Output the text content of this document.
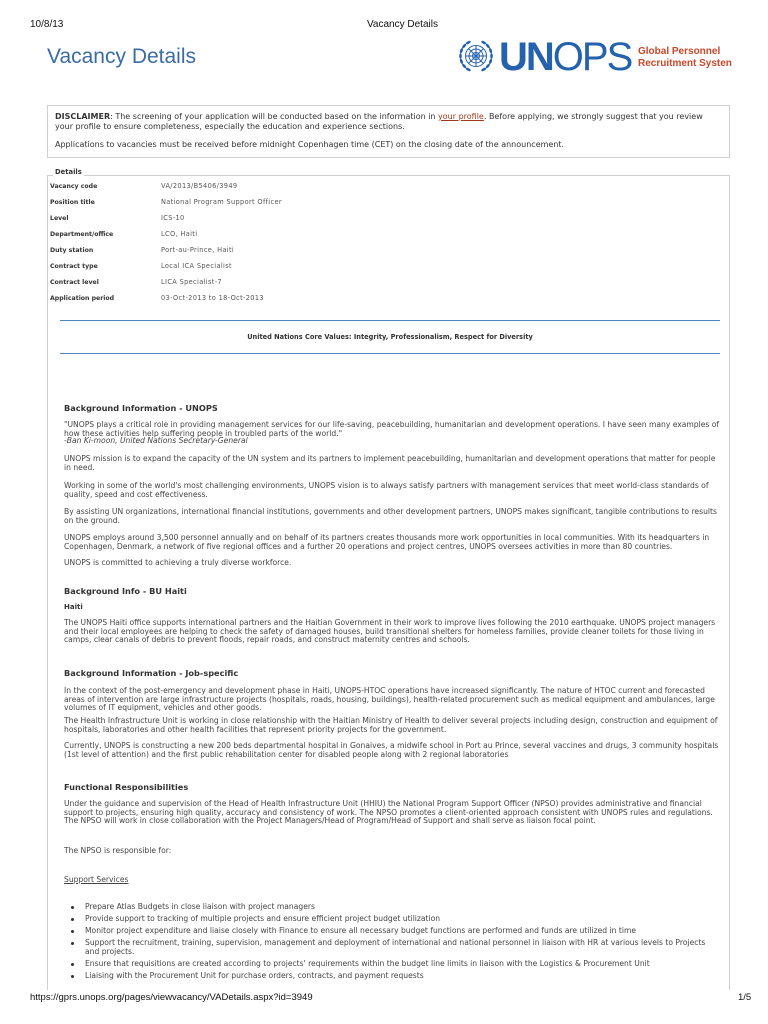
10/8/13	Vacancy Details
Vacancy Details	UNOPS Global Personnel
Recruitment Systen

DISCLAIMER: The screening of your application will be conducted based on the information in your profile. Before applying, we strongly suggest that you review your profile to ensure completeness, especially the education and experience sections.

Applications to vacancies must be received before midnight Copenhagen time (CET) on the closing date of the announcement.

Details
Vacancy code	VA/2013/B5406/3949
Position title	National Program Support Officer
Level	ICS-10
Department/office	LCO, Haiti
Duty station	Port-au-Prince, Haiti
Contract type	Local ICA Specialist
Contract level	LICA Specialist-7
Application period	03-Oct-2013 to 18-Oct-2013
United Nations Core Values: Integrity, Professionalism, Respect for Diversity
Background Information - UNOPS

"UNOPS plays a critical role in providing management services for our life-saving, peacebuilding, humanitarian and development operations. I have seen many examples of how these activities help suffering people in troubled parts of the world."

-Ban Ki-moon, United Nations Secretary-General

UNOPS mission is to expand the capacity of the UN system and its partners to implement peacebuilding, humanitarian and development operations that matter for people in need.

Working in some of the world's most challenging environments, UNOPS vision is to always satisfy partners with management services that meet world-class standards of quality, speed and cost effectiveness.

By assisting UN organizations, international financial institutions, governments and other development partners, UNOPS makes significant, tangible contributions to results on the ground.

UNOPS employs around 3,500 personnel annually and on behalf of its partners creates thousands more work opportunities in local communities. With its headquarters in Copenhagen, Denmark, a network of five regional offices and a further 20 operations and project centres, UNOPS oversees activities in more than 80 countries.

UNOPS is committed to achieving a truly diverse workforce.

Background Info - BU Haiti
Haiti

The UNOPS Haiti office supports international partners and the Haitian Government in their work to improve lives following the 2010 earthquake. UNOPS project managers and their local employees are helping to check the safety of damaged houses, build transitional shelters for homeless families, provide cleaner toilets for those living in camps, clear canals of debris to prevent floods, repair roads, and construct maternity centres and schools.

Background Information - Job-specific

In the context of the post-emergency and development phase in Haiti, UNOPS-HTOC operations have increased significantly. The nature of HTOC current and forecasted areas of intervention are large infrastructure projects (hospitals, roads, housing, buildings), health-related procurement such as medical equipment and ambulances, large volumes of IT equipment, vehicles and other goods.

The Health Infrastructure Unit is working in close relationship with the Haitian Ministry of Health to deliver several projects including design, construction and equipment of hospitals, laboratories and other health facilities that represent priority projects for the government.

Currently, UNOPS is constructing a new 200 beds departmental hospital in Gonaives, a midwife school in Port au Prince, several vaccines and drugs, 3 community hospitals (1st level of attention) and the first public rehabilitation center for disabled people along with 2 regional laboratories

Functional Responsibilities

Under the guidance and supervision of the Head of Health Infrastructure Unit (HHIU) the National Program Support Officer (NPSO) provides administrative and financial support to projects, ensuring high quality, accuracy and consistency of work. The NPSO promotes a client-oriented approach consistent with UNOPS rules and regulations. The NPSO will work in close collaboration with the Project Managers/Head of Program/Head of Support and shall serve as liaison focal point.

The NPSO is responsible for:

Support Services
Prepare Atlas Budgets in close liaison with project managers
Provide support to tracking of multiple projects and ensure efficient project budget utilization
Monitor project expenditure and liaise closely with Finance to ensure all necessary budget functions are performed and funds are utilized in time
Support the recruitment, training, supervision, management and deployment of international and national personnel in liaison with HR at various levels to Projects and projects.
Ensure that requisitions are created according to projects' requirements within the budget line limits in liaison with the Logistics & Procurement Unit
Liaising with the Procurement Unit for purchase orders, contracts, and payment requests
https://gprs.unops.org/pages/viewvacancy/VADetails.aspx?id=3949	1/5
